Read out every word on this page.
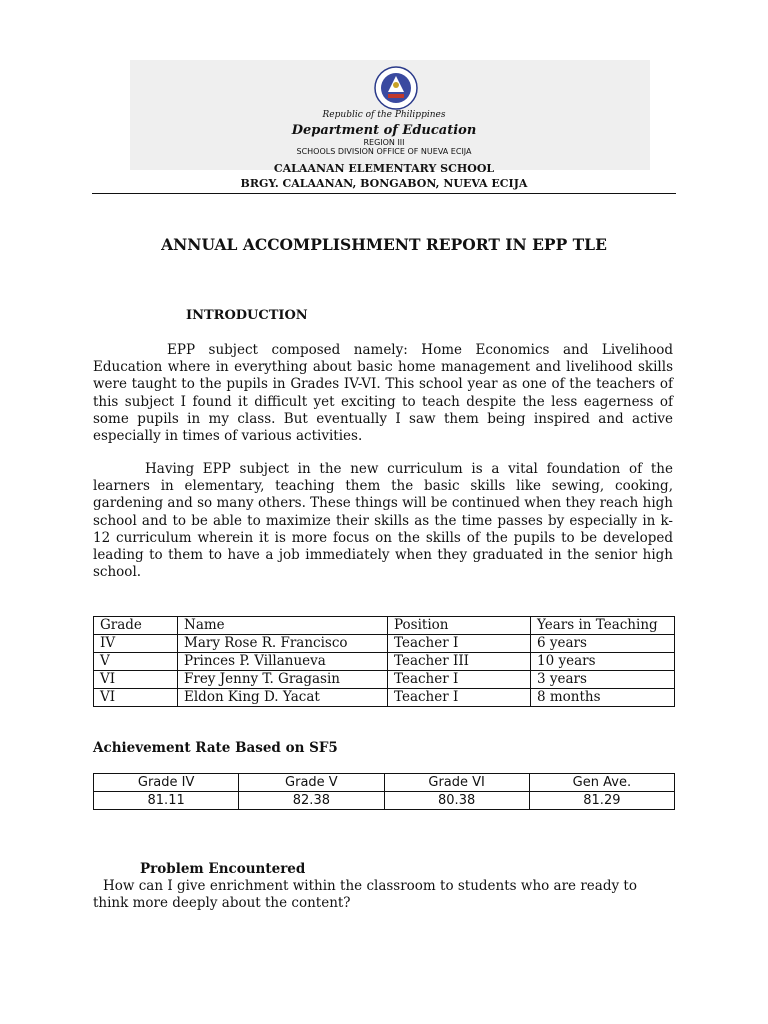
Republic of the Philippines
Department of Education
REGION III
SCHOOLS DIVISION OFFICE OF NUEVA ECIJA
CALAANAN ELEMENTARY SCHOOL
BRGY. CALAANAN, BONGABON, NUEVA ECIJA
ANNUAL ACCOMPLISHMENT REPORT IN EPP TLE
INTRODUCTION

EPP subject composed namely: Home Economics and Livelihood Education where in everything about basic home management and livelihood skills were taught to the pupils in Grades IV-VI. This school year as one of the teachers of this subject I found it difficult yet exciting to teach despite the less eagerness of some pupils in my class. But eventually I saw them being inspired and active especially in times of various activities.

Having EPP subject in the new curriculum is a vital foundation of the learners in elementary, teaching them the basic skills like sewing, cooking, gardening and so many others. These things will be continued when they reach high school and to be able to maximize their skills as the time passes by especially in k- 12 curriculum wherein it is more focus on the skills of the pupils to be developed leading to them to have a job immediately when they graduated in the senior high school.

Grade	Name	Position	Years in Teaching
IV	Mary Rose R. Francisco	Teacher I	6 years
V	Princes P. Villanueva	Teacher III	10 years
VI	Frey Jenny T. Gragasin	Teacher I	3 years
VI	Eldon King D. Yacat	Teacher I	8 months
Achievement Rate Based on SF5
Grade IV	Grade V	Grade VI	Gen Ave.
81.11	82.38	80.38	81.29
Problem Encountered

How can I give enrichment within the classroom to students who are ready to think more deeply about the content?
